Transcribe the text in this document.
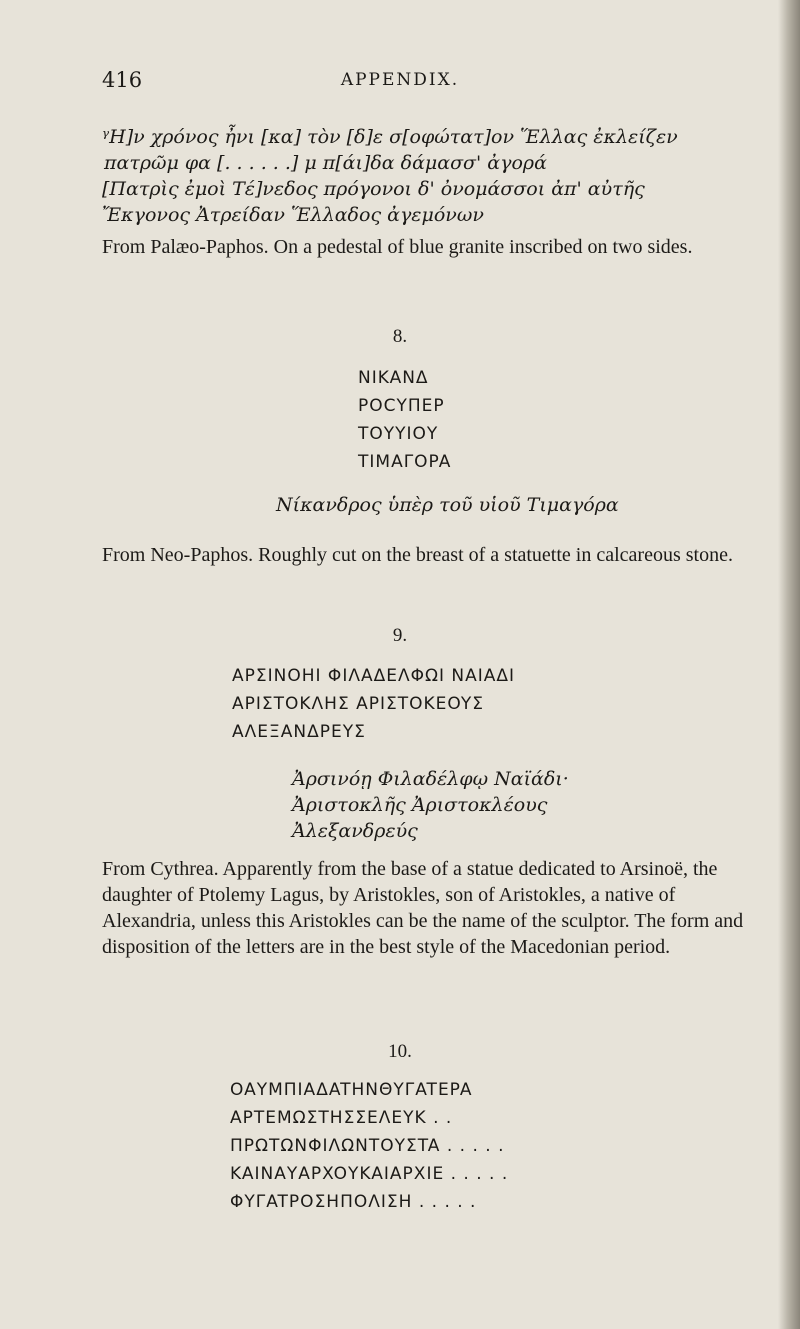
416	APPENDIX.
ᵞΗ]ν χρόνος ἦνι [κα] τὸν [δ]ε σ[οφώτατ]ον Ἕλλας ἐκλείζεν
πατρῶμ φα [. . . . . .] μ π[άι]δα δάμασσ' ἀγορά
[Πατρὶς ἐμοὶ Τέ]νεδος πρόγονοι δ' ὀνομάσσοι ἀπ' αὐτῆς
Ἔκγονος Ἀτρείδαν Ἕλλαδος ἀγεμόνων
From Palæo-Paphos. On a pedestal of blue granite inscribed on two sides.
8.
NIKANΔ
POCΥΠEP
TOΥΥIOΥ
TIMAΓOPA
Νίκανδρος ὑπὲρ τοῦ υἱοῦ Τιμαγόρα
From Neo-Paphos. Roughly cut on the breast of a statuette in calcareous stone.
9.
APΣINOHI ΦIΛAΔEΛΦΩI NAΙAΔI
APIΣTOKΛHΣ APIΣTOKΕOYΣ
AΛEΞANΔPEYΣ
Ἀρσινόῃ Φιλαδέλφῳ Ναϊάδι·
Ἀριστοκλῆς Ἀριστοκλέους
Ἀλεξανδρεύς
From Cythrea. Apparently from the base of a statue dedicated to Arsinoë, the daughter of Ptolemy Lagus, by Aristokles, son of Aristokles, a native of Alexandria, unless this Aristokles can be the name of the sculptor. The form and disposition of the letters are in the best style of the Macedonian period.
10.
OAΥMΠIAΔATHNΘΥΓATEPA
APTEMΩΣTHΣΣEΛEΥK . .
ΠPΩTΩNΦIΛΩNTOΥΣTA . . . . .
KAINAΥAPXOΥKAIAPXIE . . . . .
ΦΥΓATPOΣHΠOΛIΣH . . . . .
